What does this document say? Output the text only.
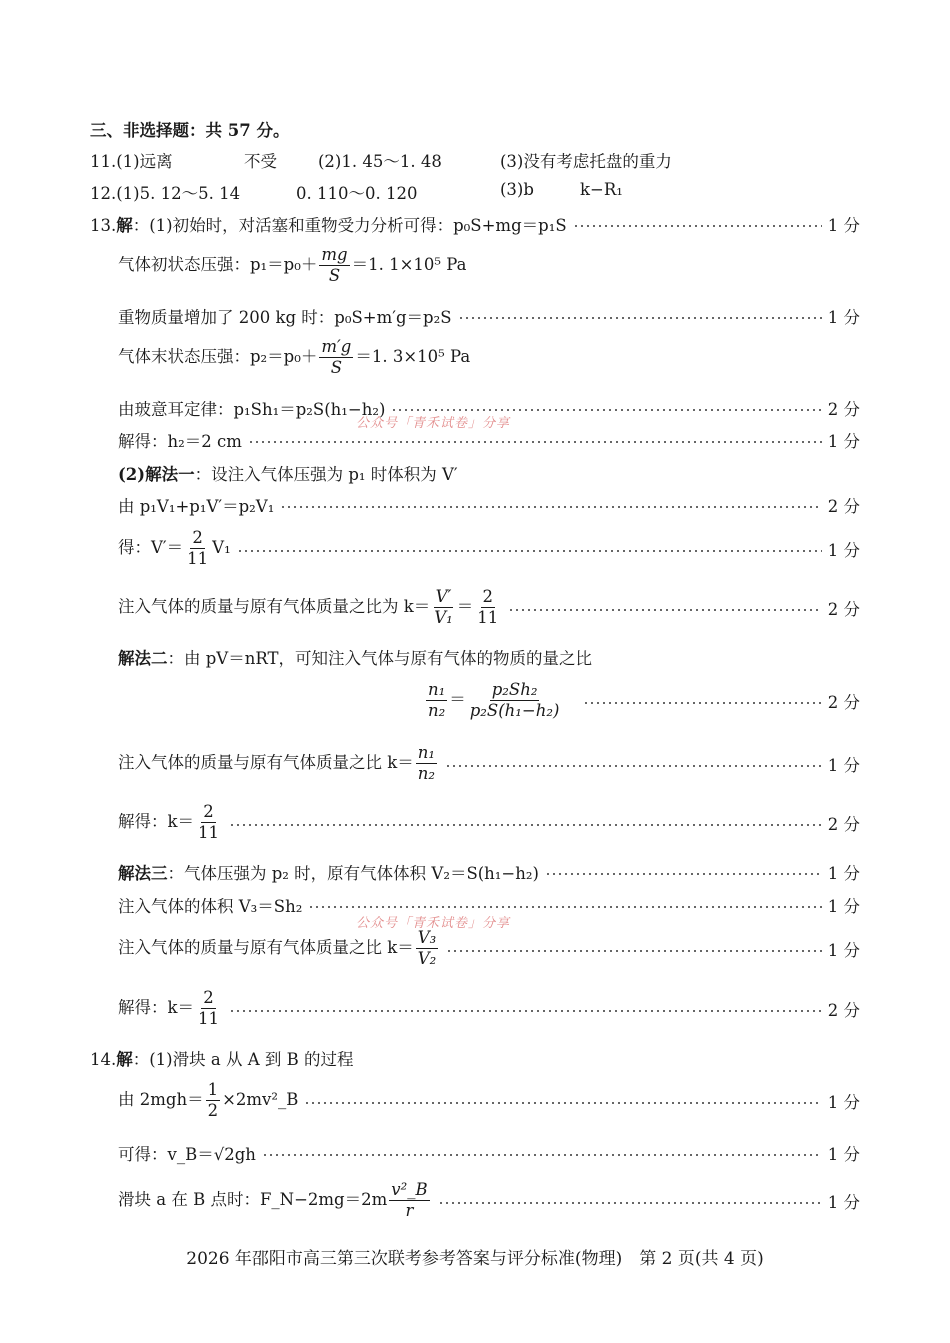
三、非选择题：共 57 分。
11.(1)远离	不受 (2)1. 45～1. 48	(3)没有考虑托盘的重力
12.(1)5. 12～5. 14	0. 110～0. 120	(3)b	k−R₁
13.解：(1)初始时，对活塞和重物受力分析可得：p₀S+mg＝p₁S	1 分
气体初状态压强：$p_1=p_0+ \frac{mg}{S} =1$. 1×10⁵ Pa
重物质量增加了 200 kg 时：p₀S+m′g＝p₂S	1 分
气体末状态压强：$p_2=p_0+ \frac{m'g}{S} =1$. 3×10⁵ Pa
由玻意耳定律：p₁Sh₁＝p₂S(h₁−h₂)	2 分
公众号「青禾试卷」分享
解得：h₂＝2 cm	1 分
(2)解法一：设注入气体压强为 p₁ 时体积为 V′
由 p₁V₁+p₁V′＝p₂V₁	2 分
得：$V'= \frac{2}{11} V_1$	1 分
注入气体的质量与原有气体质量之比为 $k= \frac{V'}{\text{V₁}} = \frac{2}{11}$	2 分
解法二：由 pV＝nRT，可知注入气体与原有气体的物质的量之比
$\frac{\text{n₁}}{\text{n₂}} = \frac{\text{p₂Sh₂}}{\text{p₂S(h₁−h₂)}}$	2 分
注入气体的质量与原有气体质量之比 $k= \frac{\text{n₁}}{\text{n₂}}$	1 分
解得：$k= \frac{2}{11}$	2 分
解法三：气体压强为 p₂ 时，原有气体体积 V₂＝S(h₁−h₂)	1 分
注入气体的体积 V₃＝Sh₂	1 分
公众号「青禾试卷」分享
注入气体的质量与原有气体质量之比 $k= \frac{\text{V₃}}{\text{V₂}}$	1 分
解得：$k= \frac{2}{11}$	2 分
14.解：(1)滑块 a 从 A 到 B 的过程
由 $2mgh= \frac{1}{2}$ ×2mv²_B	1 分
可得：v_B＝√2gh	1 分
滑块 a 在 B 点时：F_N−2mg＝2m $\frac{\text{v²\_B}}{r}$	1 分
2026 年邵阳市高三第三次联考参考答案与评分标准(物理)　第 2 页(共 4 页)
